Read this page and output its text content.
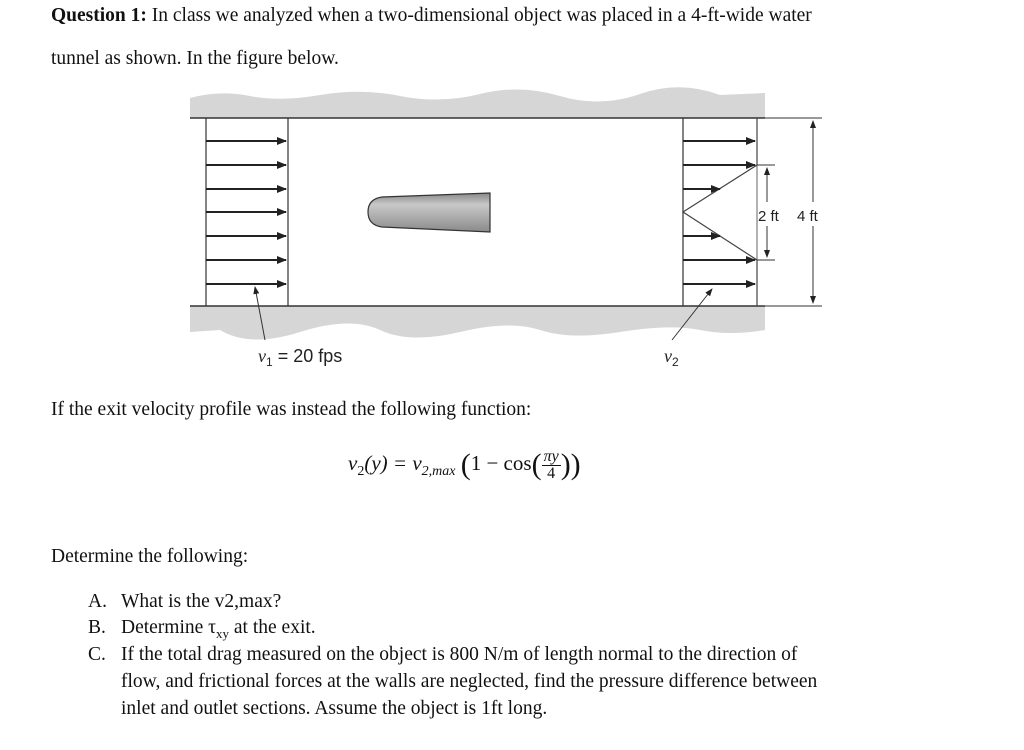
Question 1: In class we analyzed when a two-dimensional object was placed in a 4-ft-wide water
tunnel as shown. In the figure below.
2 ft 4 ft
$v_1 = 20$ fps	$v_2$
If the exit velocity profile was instead the following function:
$v_2(y) = v_{2,max}$ ($1 - \cos( \frac{\pi y}{4}$ ))
Determine the following:
A. What is the v2,max?
B. Determine $\tau_{xy}$ at the exit.
C. If the total drag measured on the object is 800 N/m of length normal to the direction of
flow, and frictional forces at the walls are neglected, find the pressure difference between
inlet and outlet sections. Assume the object is 1ft long.
